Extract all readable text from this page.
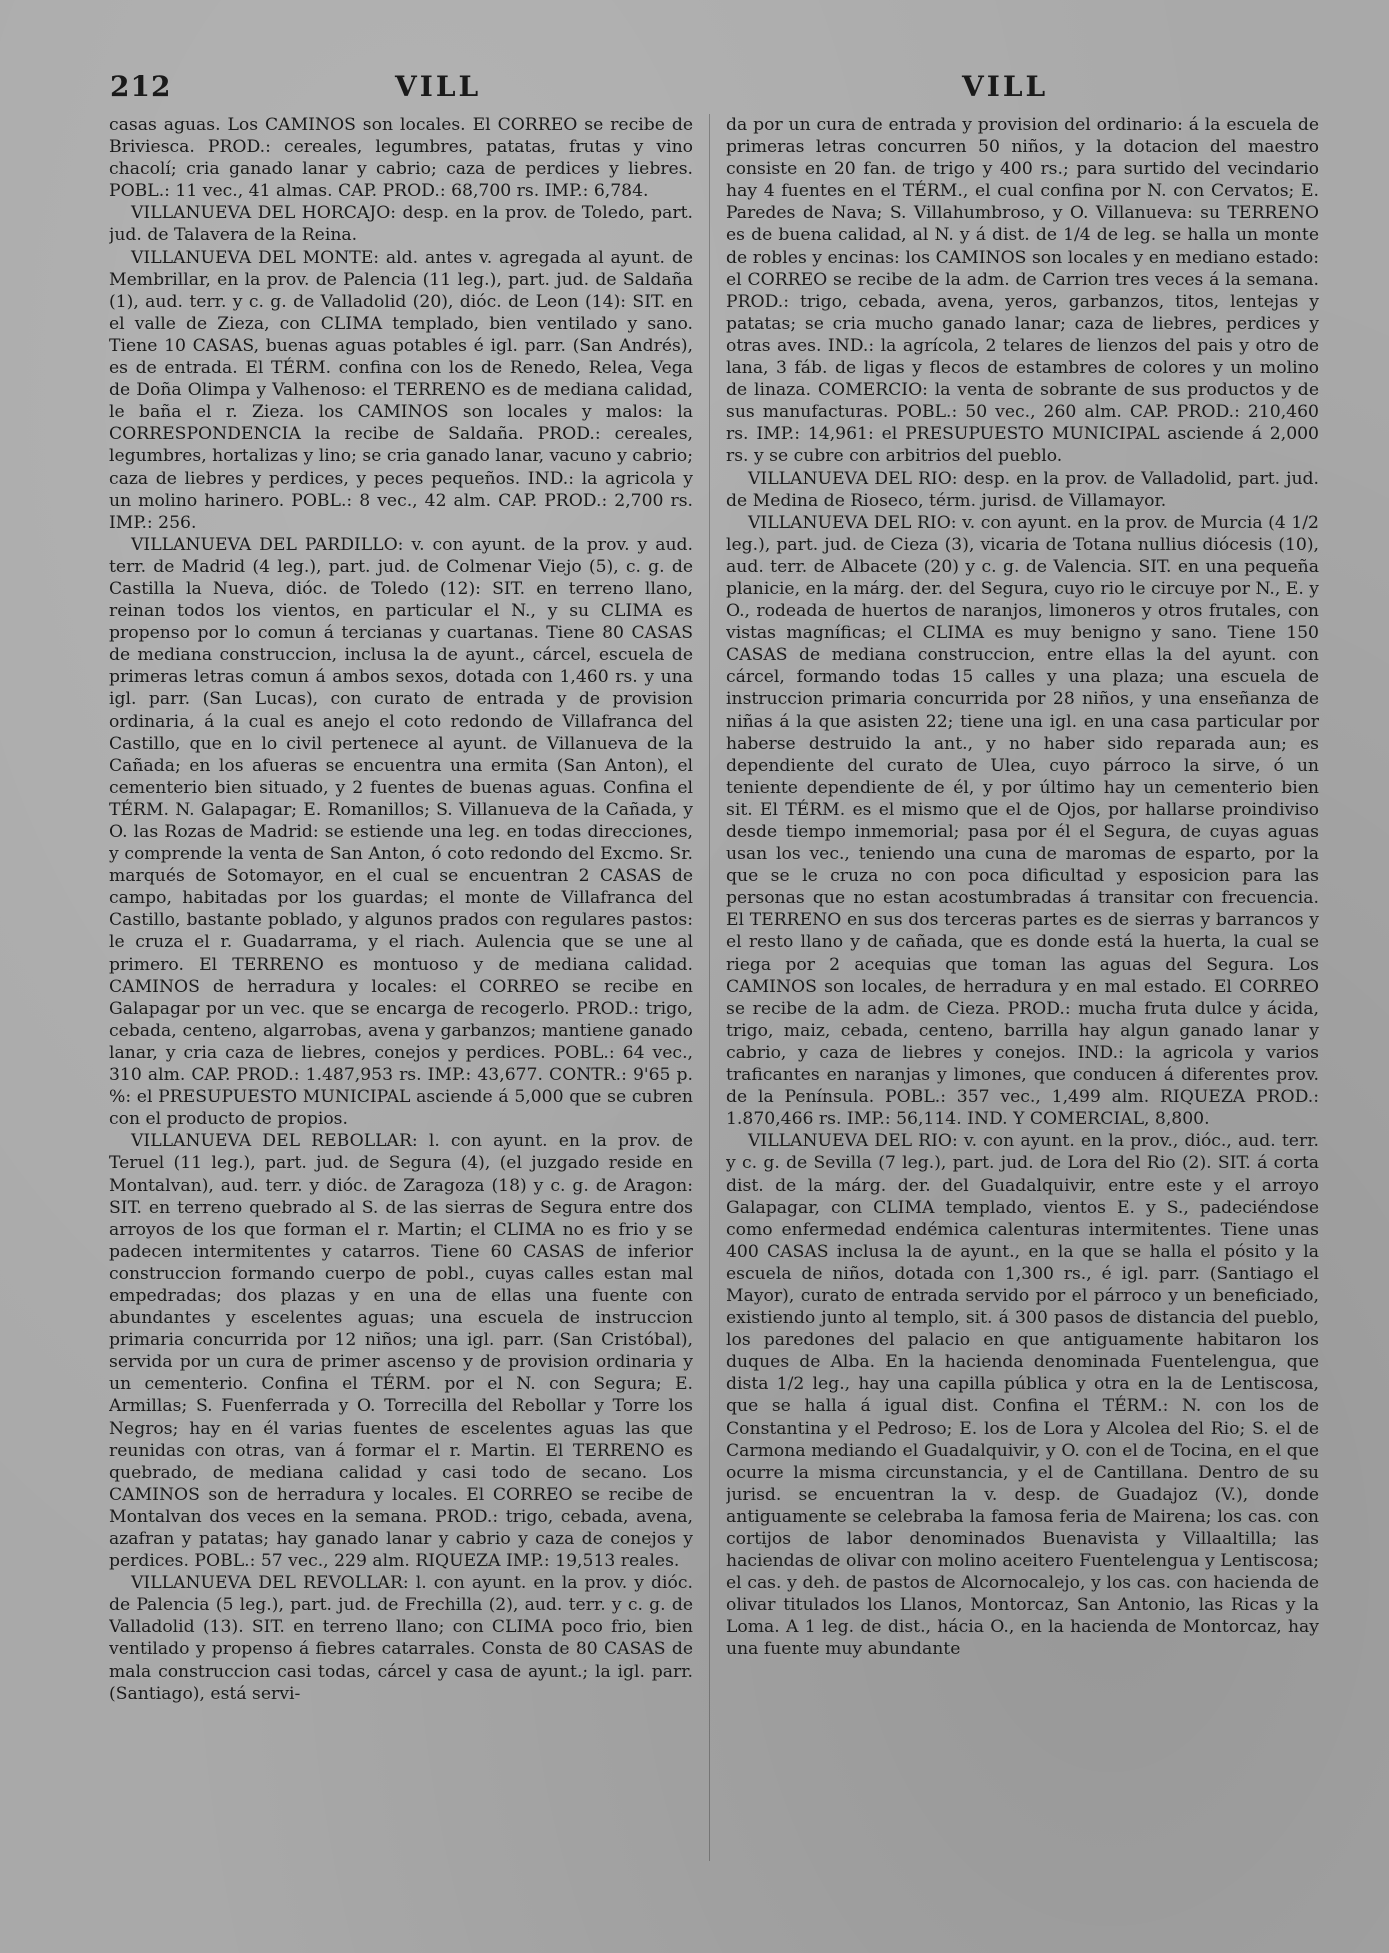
212	VILL	VILL

casas aguas. Los CAMINOS son locales. El CORREO se recibe de Briviesca. PROD.: cereales, legumbres, patatas, frutas y vino chacolí; cria ganado lanar y cabrio; caza de perdices y liebres. POBL.: 11 vec., 41 almas. CAP. PROD.: 68,700 rs. IMP.: 6,784.

VILLANUEVA DEL HORCAJO: desp. en la prov. de Toledo, part. jud. de Talavera de la Reina.

VILLANUEVA DEL MONTE: ald. antes v. agregada al ayunt. de Membrillar, en la prov. de Palencia (11 leg.), part. jud. de Saldaña (1), aud. terr. y c. g. de Valladolid (20), dióc. de Leon (14): SIT. en el valle de Zieza, con CLIMA templado, bien ventilado y sano. Tiene 10 CASAS, buenas aguas potables é igl. parr. (San Andrés), es de entrada. El TÉRM. confina con los de Renedo, Relea, Vega de Doña Olimpa y Valhenoso: el TERRENO es de mediana calidad, le baña el r. Zieza. los CAMINOS son locales y malos: la CORRESPONDENCIA la recibe de Saldaña. PROD.: cereales, legumbres, hortalizas y lino; se cria ganado lanar, vacuno y cabrio; caza de liebres y perdices, y peces pequeños. IND.: la agricola y un molino harinero. POBL.: 8 vec., 42 alm. CAP. PROD.: 2,700 rs. IMP.: 256.

VILLANUEVA DEL PARDILLO: v. con ayunt. de la prov. y aud. terr. de Madrid (4 leg.), part. jud. de Colmenar Viejo (5), c. g. de Castilla la Nueva, dióc. de Toledo (12): SIT. en terreno llano, reinan todos los vientos, en particular el N., y su CLIMA es propenso por lo comun á tercianas y cuartanas. Tiene 80 CASAS de mediana construccion, inclusa la de ayunt., cárcel, escuela de primeras letras comun á ambos sexos, dotada con 1,460 rs. y una igl. parr. (San Lucas), con curato de entrada y de provision ordinaria, á la cual es anejo el coto redondo de Villafranca del Castillo, que en lo civil pertenece al ayunt. de Villanueva de la Cañada; en los afueras se encuentra una ermita (San Anton), el cementerio bien situado, y 2 fuentes de buenas aguas. Confina el TÉRM. N. Galapagar; E. Romanillos; S. Villanueva de la Cañada, y O. las Rozas de Madrid: se estiende una leg. en todas direcciones, y comprende la venta de San Anton, ó coto redondo del Excmo. Sr. marqués de Sotomayor, en el cual se encuentran 2 CASAS de campo, habitadas por los guardas; el monte de Villafranca del Castillo, bastante poblado, y algunos prados con regulares pastos: le cruza el r. Guadarrama, y el riach. Aulencia que se une al primero. El TERRENO es montuoso y de mediana calidad. CAMINOS de herradura y locales: el CORREO se recibe en Galapagar por un vec. que se encarga de recogerlo. PROD.: trigo, cebada, centeno, algarrobas, avena y garbanzos; mantiene ganado lanar, y cria caza de liebres, conejos y perdices. POBL.: 64 vec., 310 alm. CAP. PROD.: 1.487,953 rs. IMP.: 43,677. CONTR.: 9'65 p. %: el PRESUPUESTO MUNICIPAL asciende á 5,000 que se cubren con el producto de propios.

VILLANUEVA DEL REBOLLAR: l. con ayunt. en la prov. de Teruel (11 leg.), part. jud. de Segura (4), (el juzgado reside en Montalvan), aud. terr. y dióc. de Zaragoza (18) y c. g. de Aragon: SIT. en terreno quebrado al S. de las sierras de Segura entre dos arroyos de los que forman el r. Martin; el CLIMA no es frio y se padecen intermitentes y catarros. Tiene 60 CASAS de inferior construccion formando cuerpo de pobl., cuyas calles estan mal empedradas; dos plazas y en una de ellas una fuente con abundantes y escelentes aguas; una escuela de instruccion primaria concurrida por 12 niños; una igl. parr. (San Cristóbal), servida por un cura de primer ascenso y de provision ordinaria y un cementerio. Confina el TÉRM. por el N. con Segura; E. Armillas; S. Fuenferrada y O. Torrecilla del Rebollar y Torre los Negros; hay en él varias fuentes de escelentes aguas las que reunidas con otras, van á formar el r. Martin. El TERRENO es quebrado, de mediana calidad y casi todo de secano. Los CAMINOS son de herradura y locales. El CORREO se recibe de Montalvan dos veces en la semana. PROD.: trigo, cebada, avena, azafran y patatas; hay ganado lanar y cabrio y caza de conejos y perdices. POBL.: 57 vec., 229 alm. RIQUEZA IMP.: 19,513 reales.

VILLANUEVA DEL REVOLLAR: l. con ayunt. en la prov. y dióc. de Palencia (5 leg.), part. jud. de Frechilla (2), aud. terr. y c. g. de Valladolid (13). SIT. en terreno llano; con CLIMA poco frio, bien ventilado y propenso á fiebres catarrales. Consta de 80 CASAS de mala construccion casi todas, cárcel y casa de ayunt.; la igl. parr. (Santiago), está servi-

da por un cura de entrada y provision del ordinario: á la escuela de primeras letras concurren 50 niños, y la dotacion del maestro consiste en 20 fan. de trigo y 400 rs.; para surtido del vecindario hay 4 fuentes en el TÉRM., el cual confina por N. con Cervatos; E. Paredes de Nava; S. Villahumbroso, y O. Villanueva: su TERRENO es de buena calidad, al N. y á dist. de 1/4 de leg. se halla un monte de robles y encinas: los CAMINOS son locales y en mediano estado: el CORREO se recibe de la adm. de Carrion tres veces á la semana. PROD.: trigo, cebada, avena, yeros, garbanzos, titos, lentejas y patatas; se cria mucho ganado lanar; caza de liebres, perdices y otras aves. IND.: la agrícola, 2 telares de lienzos del pais y otro de lana, 3 fáb. de ligas y flecos de estambres de colores y un molino de linaza. COMERCIO: la venta de sobrante de sus productos y de sus manufacturas. POBL.: 50 vec., 260 alm. CAP. PROD.: 210,460 rs. IMP.: 14,961: el PRESUPUESTO MUNICIPAL asciende á 2,000 rs. y se cubre con arbitrios del pueblo.

VILLANUEVA DEL RIO: desp. en la prov. de Valladolid, part. jud. de Medina de Rioseco, térm. jurisd. de Villamayor.

VILLANUEVA DEL RIO: v. con ayunt. en la prov. de Murcia (4 1/2 leg.), part. jud. de Cieza (3), vicaria de Totana nullius diócesis (10), aud. terr. de Albacete (20) y c. g. de Valencia. SIT. en una pequeña planicie, en la márg. der. del Segura, cuyo rio le circuye por N., E. y O., rodeada de huertos de naranjos, limoneros y otros frutales, con vistas magníficas; el CLIMA es muy benigno y sano. Tiene 150 CASAS de mediana construccion, entre ellas la del ayunt. con cárcel, formando todas 15 calles y una plaza; una escuela de instruccion primaria concurrida por 28 niños, y una enseñanza de niñas á la que asisten 22; tiene una igl. en una casa particular por haberse destruido la ant., y no haber sido reparada aun; es dependiente del curato de Ulea, cuyo párroco la sirve, ó un teniente dependiente de él, y por último hay un cementerio bien sit. El TÉRM. es el mismo que el de Ojos, por hallarse proindiviso desde tiempo inmemorial; pasa por él el Segura, de cuyas aguas usan los vec., teniendo una cuna de maromas de esparto, por la que se le cruza no con poca dificultad y esposicion para las personas que no estan acostumbradas á transitar con frecuencia. El TERRENO en sus dos terceras partes es de sierras y barrancos y el resto llano y de cañada, que es donde está la huerta, la cual se riega por 2 acequias que toman las aguas del Segura. Los CAMINOS son locales, de herradura y en mal estado. El CORREO se recibe de la adm. de Cieza. PROD.: mucha fruta dulce y ácida, trigo, maiz, cebada, centeno, barrilla hay algun ganado lanar y cabrio, y caza de liebres y conejos. IND.: la agricola y varios traficantes en naranjas y limones, que conducen á diferentes prov. de la Península. POBL.: 357 vec., 1,499 alm. RIQUEZA PROD.: 1.870,466 rs. IMP.: 56,114. IND. Y COMERCIAL, 8,800.

VILLANUEVA DEL RIO: v. con ayunt. en la prov., dióc., aud. terr. y c. g. de Sevilla (7 leg.), part. jud. de Lora del Rio (2). SIT. á corta dist. de la márg. der. del Guadalquivir, entre este y el arroyo Galapagar, con CLIMA templado, vientos E. y S., padeciéndose como enfermedad endémica calenturas intermitentes. Tiene unas 400 CASAS inclusa la de ayunt., en la que se halla el pósito y la escuela de niños, dotada con 1,300 rs., é igl. parr. (Santiago el Mayor), curato de entrada servido por el párroco y un beneficiado, existiendo junto al templo, sit. á 300 pasos de distancia del pueblo, los paredones del palacio en que antiguamente habitaron los duques de Alba. En la hacienda denominada Fuentelengua, que dista 1/2 leg., hay una capilla pública y otra en la de Lentiscosa, que se halla á igual dist. Confina el TÉRM.: N. con los de Constantina y el Pedroso; E. los de Lora y Alcolea del Rio; S. el de Carmona mediando el Guadalquivir, y O. con el de Tocina, en el que ocurre la misma circunstancia, y el de Cantillana. Dentro de su jurisd. se encuentran la v. desp. de Guadajoz (V.), donde antiguamente se celebraba la famosa feria de Mairena; los cas. con cortijos de labor denominados Buenavista y Villaaltilla; las haciendas de olivar con molino aceitero Fuentelengua y Lentiscosa; el cas. y deh. de pastos de Alcornocalejo, y los cas. con hacienda de olivar titulados los Llanos, Montorcaz, San Antonio, las Ricas y la Loma. A 1 leg. de dist., hácia O., en la hacienda de Montorcaz, hay una fuente muy abundante
